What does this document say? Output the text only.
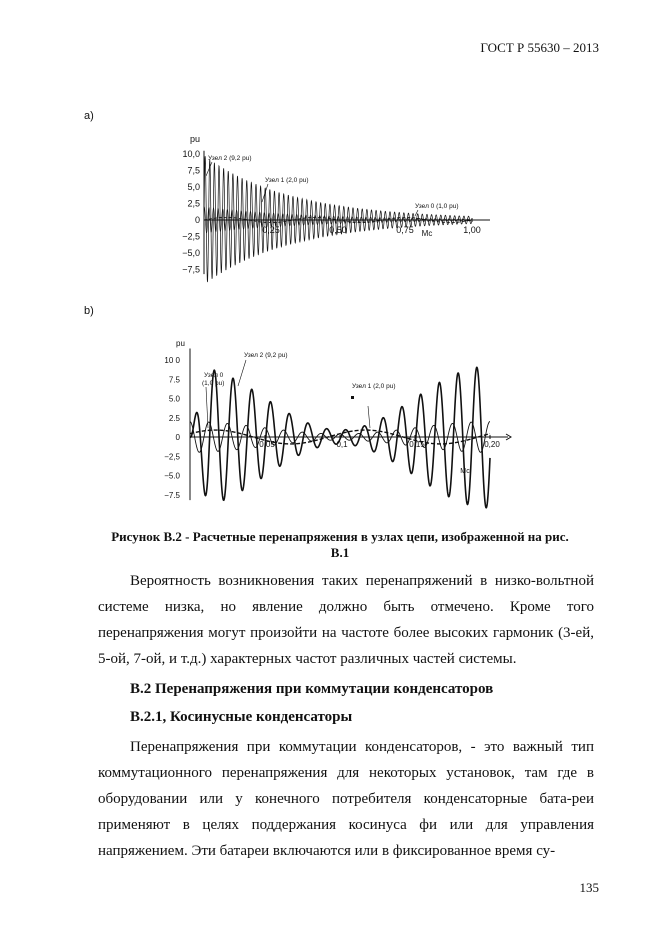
ГОСТ Р 55630 – 2013
a)
pu
10,0
7,5
5,0
2,5
0
−2,5
−5,0
−7,5
0,25	0,50	0,75	1,00
Мс
Узел 2 (9,2 pu)
Узел 1 (2,0 pu)
Узел 0 (1,0 pu)
b)
pu
10 0
7.5
5.0
2.5
0
−2,5
−5.0
−7.5
0,05	0,1	0,15	0,20
Мс
Узел 2 (9,2 pu)
Узел 0
(1,0 pu)	Узел 1 (2,0 pu)
Рисунок В.2 - Расчетные перенапряжения в узлах цепи, изображенной на рис.
В.1

Вероятность возникновения таких перенапряжений в низко-вольтной системе низка, но явление должно быть отмечено. Кроме того перенапряжения могут произойти на частоте более высоких гармоник (3-ей, 5-ой, 7-ой, и т.д.) характерных частот различных частей системы.

В.2 Перенапряжения при коммутации конденсаторов
В.2.1, Косинусные конденсаторы

Перенапряжения при коммутации конденсаторов, - это важный тип коммутационного перенапряжения для некоторых установок, там где в оборудовании или у конечного потребителя конденсаторные бата-реи применяют в целях поддержания косинуса фи или для управления напряжением. Эти батареи включаются или в фиксированное время су-

135
